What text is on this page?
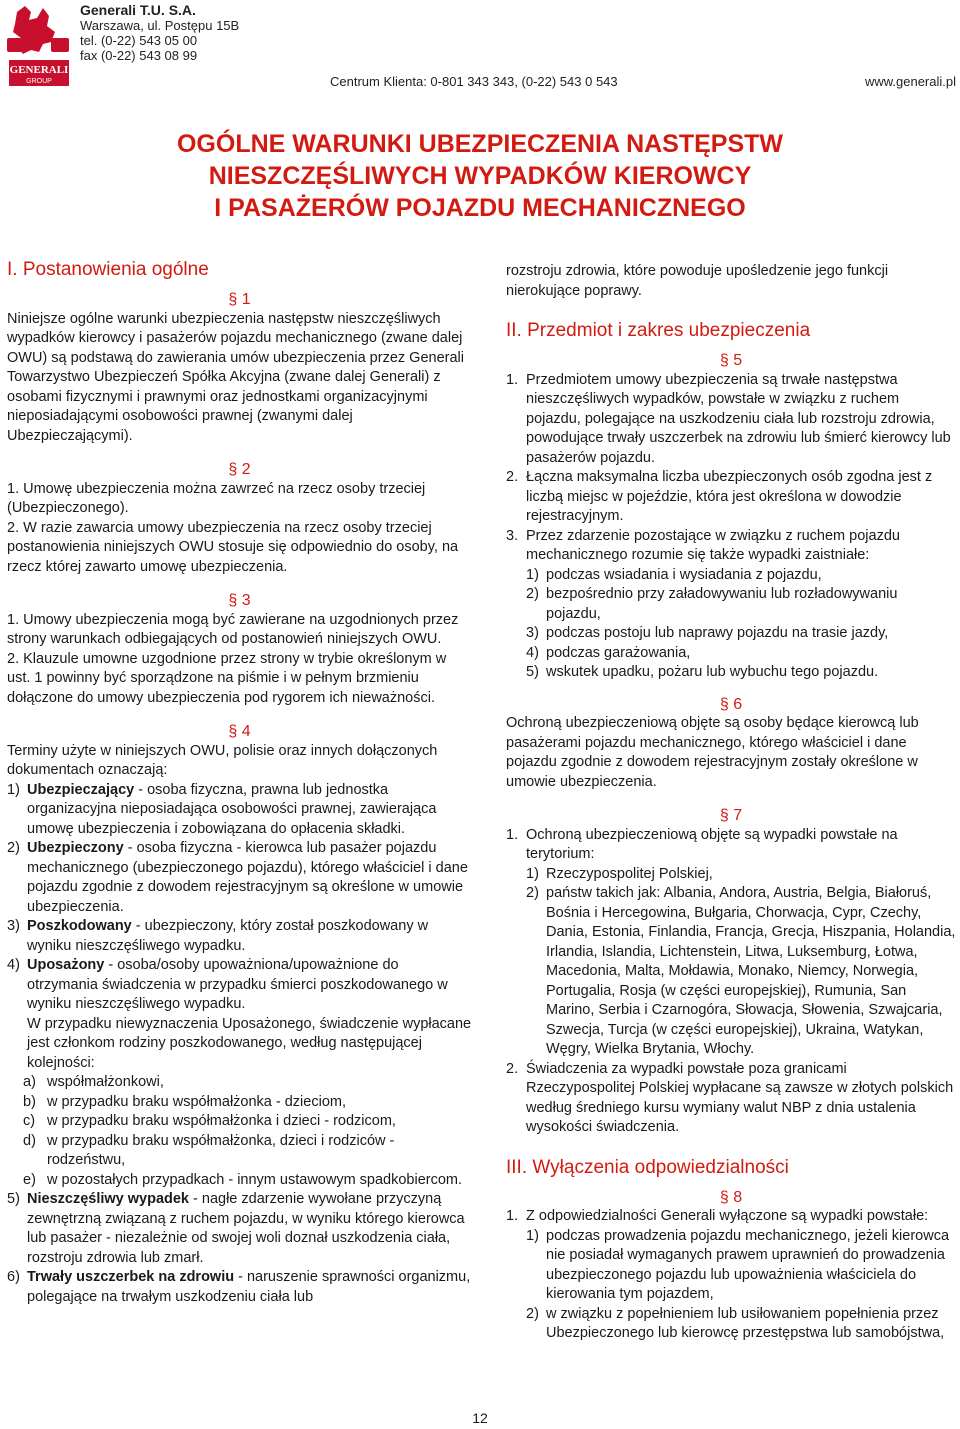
GENERALI
GROUP
Generali T.U. S.A.
Warszawa, ul. Postępu 15B
tel. (0-22) 543 05 00
fax (0-22) 543 08 99
Centrum Klienta: 0-801 343 343, (0-22) 543 0 543	www.generali.pl
OGÓLNE WARUNKI UBEZPIECZENIA NASTĘPSTW
NIESZCZĘŚLIWYCH WYPADKÓW KIEROWCY
I PASAŻERÓW POJAZDU MECHANICZNEGO
I. Postanowienia ogólne

§ 1

Niniejsze ogólne warunki ubezpieczenia następstw nieszczęśliwych wypadków kierowcy i pasażerów pojazdu mechanicznego (zwane dalej OWU) są podstawą do zawierania umów ubezpieczenia przez Generali Towarzystwo Ubezpieczeń Spółka Akcyjna (zwane dalej Generali) z osobami fizycznymi i prawnymi oraz jednostkami organizacyjnymi nieposiadającymi osobowości prawnej (zwanymi dalej Ubezpieczającymi).

§ 2

1. Umowę ubezpieczenia można zawrzeć na rzecz osoby trzeciej (Ubezpieczonego).

2. W razie zawarcia umowy ubezpieczenia na rzecz osoby trzeciej postanowienia niniejszych OWU stosuje się odpowiednio do osoby, na rzecz której zawarto umowę ubezpieczenia.

§ 3

1. Umowy ubezpieczenia mogą być zawierane na uzgodnionych przez strony warunkach odbiegających od postanowień niniejszych OWU.

2. Klauzule umowne uzgodnione przez strony w trybie określonym w ust. 1 powinny być sporządzone na piśmie i w pełnym brzmieniu dołączone do umowy ubezpieczenia pod rygorem ich nieważności.

§ 4

Terminy użyte w niniejszych OWU, polisie oraz innych dołączonych dokumentach oznaczają:

1) Ubezpieczający - osoba fizyczna, prawna lub jednostka organizacyjna nieposiadająca osobowości prawnej, zawierająca umowę ubezpieczenia i zobowiązana do opłacenia składki.
2) Ubezpieczony - osoba fizyczna - kierowca lub pasażer pojazdu mechanicznego (ubezpieczonego pojazdu), którego właściciel i dane pojazdu zgodnie z dowodem rejestracyjnym są określone w umowie ubezpieczenia.
3) Poszkodowany - ubezpieczony, który został poszkodowany w wyniku nieszczęśliwego wypadku.
4) Uposażony - osoba/osoby upoważniona/upoważnione do otrzymania świadczenia w przypadku śmierci poszkodowanego w wyniku nieszczęśliwego wypadku.
W przypadku niewyznaczenia Uposażonego, świadczenie wypłacane jest członkom rodziny poszkodowanego, według następującej kolejności:
a) współmałżonkowi,
b) w przypadku braku współmałżonka - dzieciom,
c) w przypadku braku współmałżonka i dzieci - rodzicom,
d) w przypadku braku współmałżonka, dzieci i rodziców - rodzeństwu,
e) w pozostałych przypadkach - innym ustawowym spadkobiercom.
5) Nieszczęśliwy wypadek - nagłe zdarzenie wywołane przyczyną zewnętrzną związaną z ruchem pojazdu, w wyniku którego kierowca lub pasażer - niezależnie od swojej woli doznał uszkodzenia ciała, rozstroju zdrowia lub zmarł.
6) Trwały uszczerbek na zdrowiu - naruszenie sprawności organizmu, polegające na trwałym uszkodzeniu ciała lub

rozstroju zdrowia, które powoduje upośledzenie jego funkcji nierokujące poprawy.

II. Przedmiot i zakres ubezpieczenia

§ 5

1. Przedmiotem umowy ubezpieczenia są trwałe następstwa nieszczęśliwych wypadków, powstałe w związku z ruchem pojazdu, polegające na uszkodzeniu ciała lub rozstroju zdrowia, powodujące trwały uszczerbek na zdrowiu lub śmierć kierowcy lub pasażerów pojazdu.
2. Łączna maksymalna liczba ubezpieczonych osób zgodna jest z liczbą miejsc w pojeździe, która jest określona w dowodzie rejestracyjnym.
3. Przez zdarzenie pozostające w związku z ruchem pojazdu mechanicznego rozumie się także wypadki zaistniałe:
1) podczas wsiadania i wysiadania z pojazdu,
2) bezpośrednio przy załadowywaniu lub rozładowywaniu pojazdu,
3) podczas postoju lub naprawy pojazdu na trasie jazdy,
4) podczas garażowania,
5) wskutek upadku, pożaru lub wybuchu tego pojazdu.

§ 6

Ochroną ubezpieczeniową objęte są osoby będące kierowcą lub pasażerami pojazdu mechanicznego, którego właściciel i dane pojazdu zgodnie z dowodem rejestracyjnym zostały określone w umowie ubezpieczenia.

§ 7

1. Ochroną ubezpieczeniową objęte są wypadki powstałe na terytorium:
1) Rzeczypospolitej Polskiej,
2) państw takich jak: Albania, Andora, Austria, Belgia, Białoruś, Bośnia i Hercegowina, Bułgaria, Chorwacja, Cypr, Czechy, Dania, Estonia, Finlandia, Francja, Grecja, Hiszpania, Holandia, Irlandia, Islandia, Lichtenstein, Litwa, Luksemburg, Łotwa, Macedonia, Malta, Mołdawia, Monako, Niemcy, Norwegia, Portugalia, Rosja (w części europejskiej), Rumunia, San Marino, Serbia i Czarnogóra, Słowacja, Słowenia, Szwajcaria, Szwecja, Turcja (w części europejskiej), Ukraina, Watykan, Węgry, Wielka Brytania, Włochy.
2. Świadczenia za wypadki powstałe poza granicami Rzeczypospolitej Polskiej wypłacane są zawsze w złotych polskich według średniego kursu wymiany walut NBP z dnia ustalenia wysokości świadczenia.
III. Wyłączenia odpowiedzialności

§ 8

1. Z odpowiedzialności Generali wyłączone są wypadki powstałe:
1) podczas prowadzenia pojazdu mechanicznego, jeżeli kierowca nie posiadał wymaganych prawem uprawnień do prowadzenia ubezpieczonego pojazdu lub upoważnienia właściciela do kierowania tym pojazdem,
2) w związku z popełnieniem lub usiłowaniem popełnienia przez Ubezpieczonego lub kierowcę przestępstwa lub samobójstwa,
12
